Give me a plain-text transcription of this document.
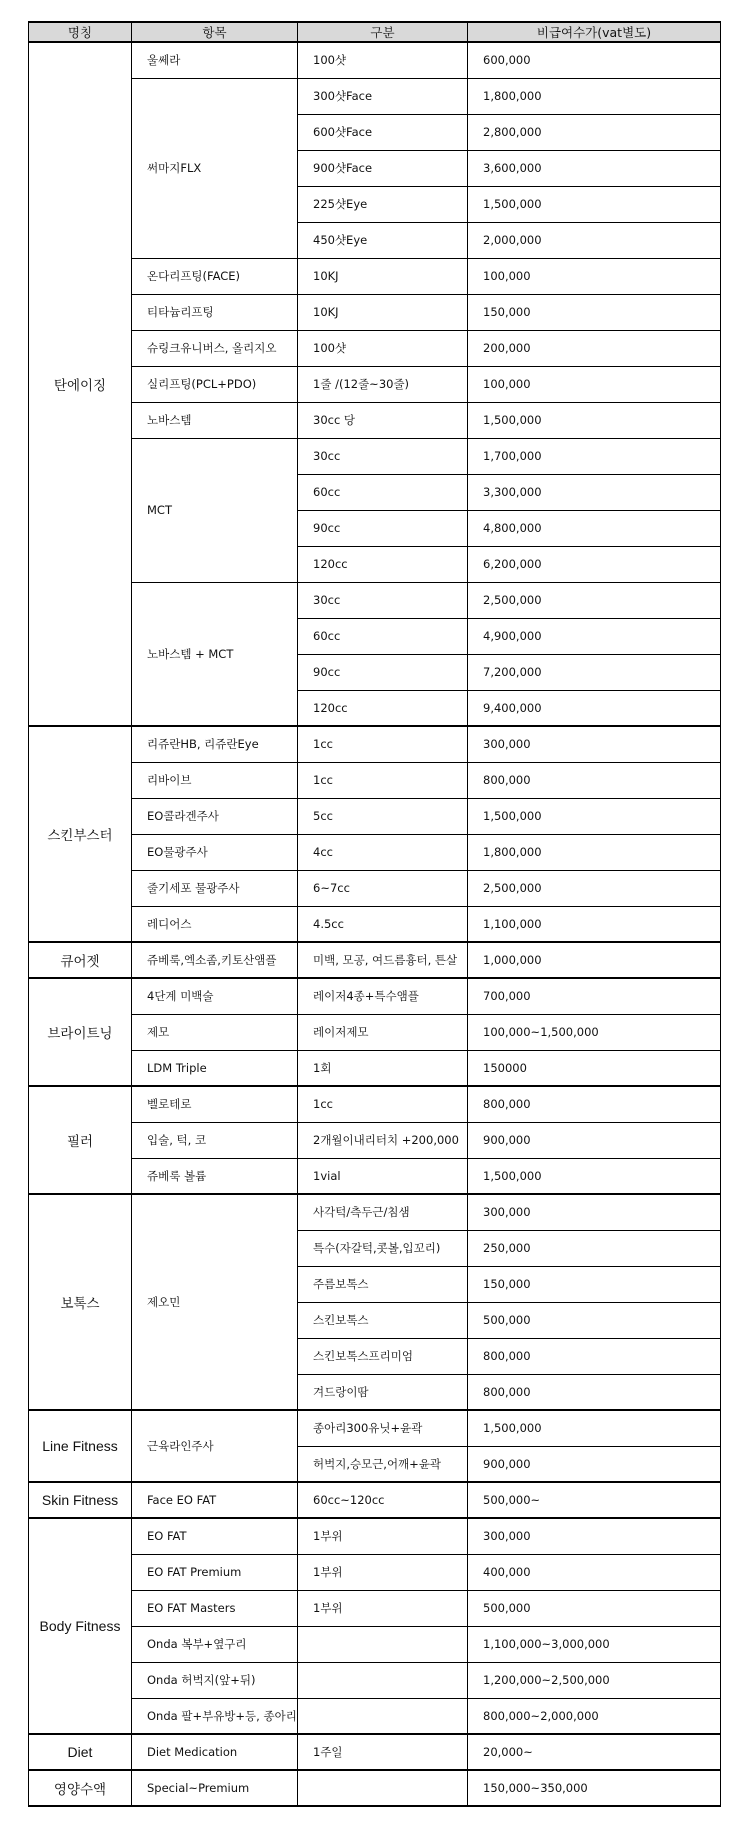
명칭	항목	구분	비급여수가(vat별도)
탄에이징	울쎄라	100샷	600,000
	써마지FLX	300샷Face	1,800,000
		600샷Face	2,800,000
		900샷Face	3,600,000
		225샷Eye	1,500,000
		450샷Eye	2,000,000
	온다리프팅(FACE)	10KJ	100,000
	티타늄리프팅	10KJ	150,000
	슈링크유니버스, 올리지오	100샷	200,000
	실리프팅(PCL+PDO)	1줄 /(12줄~30줄)	100,000
	노바스템	30cc 당	1,500,000
	MCT	30cc	1,700,000
		60cc	3,300,000
		90cc	4,800,000
		120cc	6,200,000
	노바스템 + MCT	30cc	2,500,000
		60cc	4,900,000
		90cc	7,200,000
		120cc	9,400,000
스킨부스터	리쥬란HB, 리쥬란Eye	1cc	300,000
	리바이브	1cc	800,000
	EO콜라겐주사	5cc	1,500,000
	EO물광주사	4cc	1,800,000
	줄기세포 물광주사	6~7cc	2,500,000
	레디어스	4.5cc	1,100,000
큐어젯	쥬베룩,엑소좀,키토산앰플	미백, 모공, 여드름흉터, 튼살	1,000,000
브라이트닝	4단계 미백술	레이저4종+특수앰플	700,000
	제모	레이저제모	100,000~1,500,000
	LDM Triple	1회	150000
필러	벨로테로	1cc	800,000
	입술, 턱, 코	2개월이내리터치 +200,000	900,000
	쥬베룩 볼륨	1vial	1,500,000
보톡스	제오민	사각턱/측두근/침샘	300,000
		특수(자갈턱,콧볼,입꼬리)	250,000
		주름보톡스	150,000
		스킨보톡스	500,000
		스킨보톡스프리미엄	800,000
		겨드랑이땀	800,000
Line Fitness	근육라인주사	종아리300유닛+윤곽	1,500,000
		허벅지,승모근,어깨+윤곽	900,000
Skin Fitness	Face EO FAT	60cc~120cc	500,000~
Body Fitness	EO FAT	1부위	300,000
	EO FAT Premium	1부위	400,000
	EO FAT Masters	1부위	500,000
	Onda 복부+옆구리		1,100,000~3,000,000
	Onda 허벅지(앞+뒤)		1,200,000~2,500,000
	Onda 팔+부유방+등, 종아리		800,000~2,000,000
Diet	Diet Medication	1주일	20,000~
영양수액	Special~Premium		150,000~350,000
